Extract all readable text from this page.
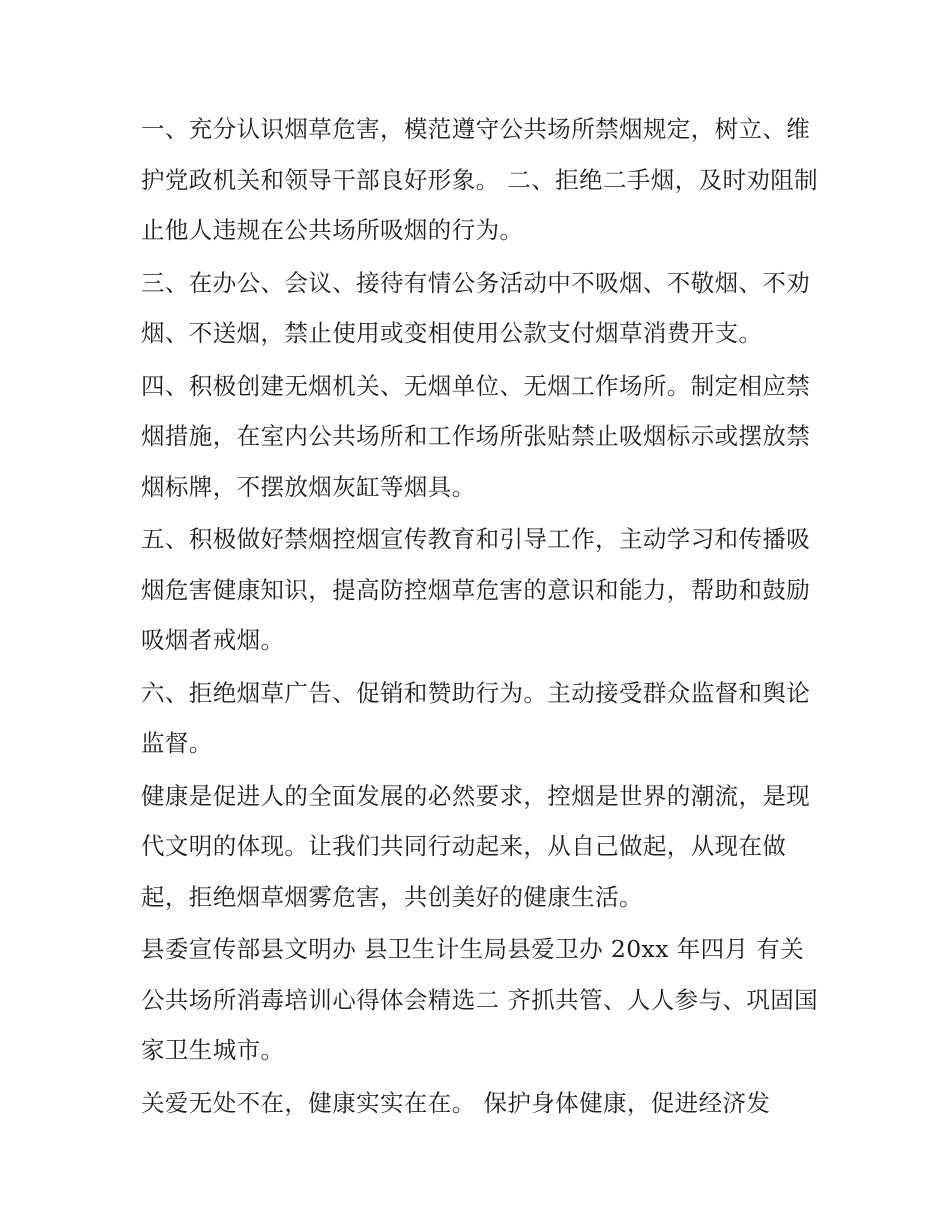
一、充分认识烟草危害，模范遵守公共场所禁烟规定，树立、维护党政机关和领导干部良好形象。 二、拒绝二手烟，及时劝阻制止他人违规在公共场所吸烟的行为。

三、在办公、会议、接待有情公务活动中不吸烟、不敬烟、不劝烟、不送烟，禁止使用或变相使用公款支付烟草消费开支。

四、积极创建无烟机关、无烟单位、无烟工作场所。制定相应禁烟措施，在室内公共场所和工作场所张贴禁止吸烟标示或摆放禁烟标牌，不摆放烟灰缸等烟具。

五、积极做好禁烟控烟宣传教育和引导工作，主动学习和传播吸烟危害健康知识，提高防控烟草危害的意识和能力，帮助和鼓励吸烟者戒烟。

六、拒绝烟草广告、促销和赞助行为。主动接受群众监督和舆论监督。

健康是促进人的全面发展的必然要求，控烟是世界的潮流，是现代文明的体现。让我们共同行动起来，从自己做起，从现在做起，拒绝烟草烟雾危害，共创美好的健康生活。

县委宣传部县文明办 县卫生计生局县爱卫办 20xx 年四月 有关公共场所消毒培训心得体会精选二 齐抓共管、人人参与、巩固国家卫生城市。

关爱无处不在，健康实实在在。 保护身体健康，促进经济发
